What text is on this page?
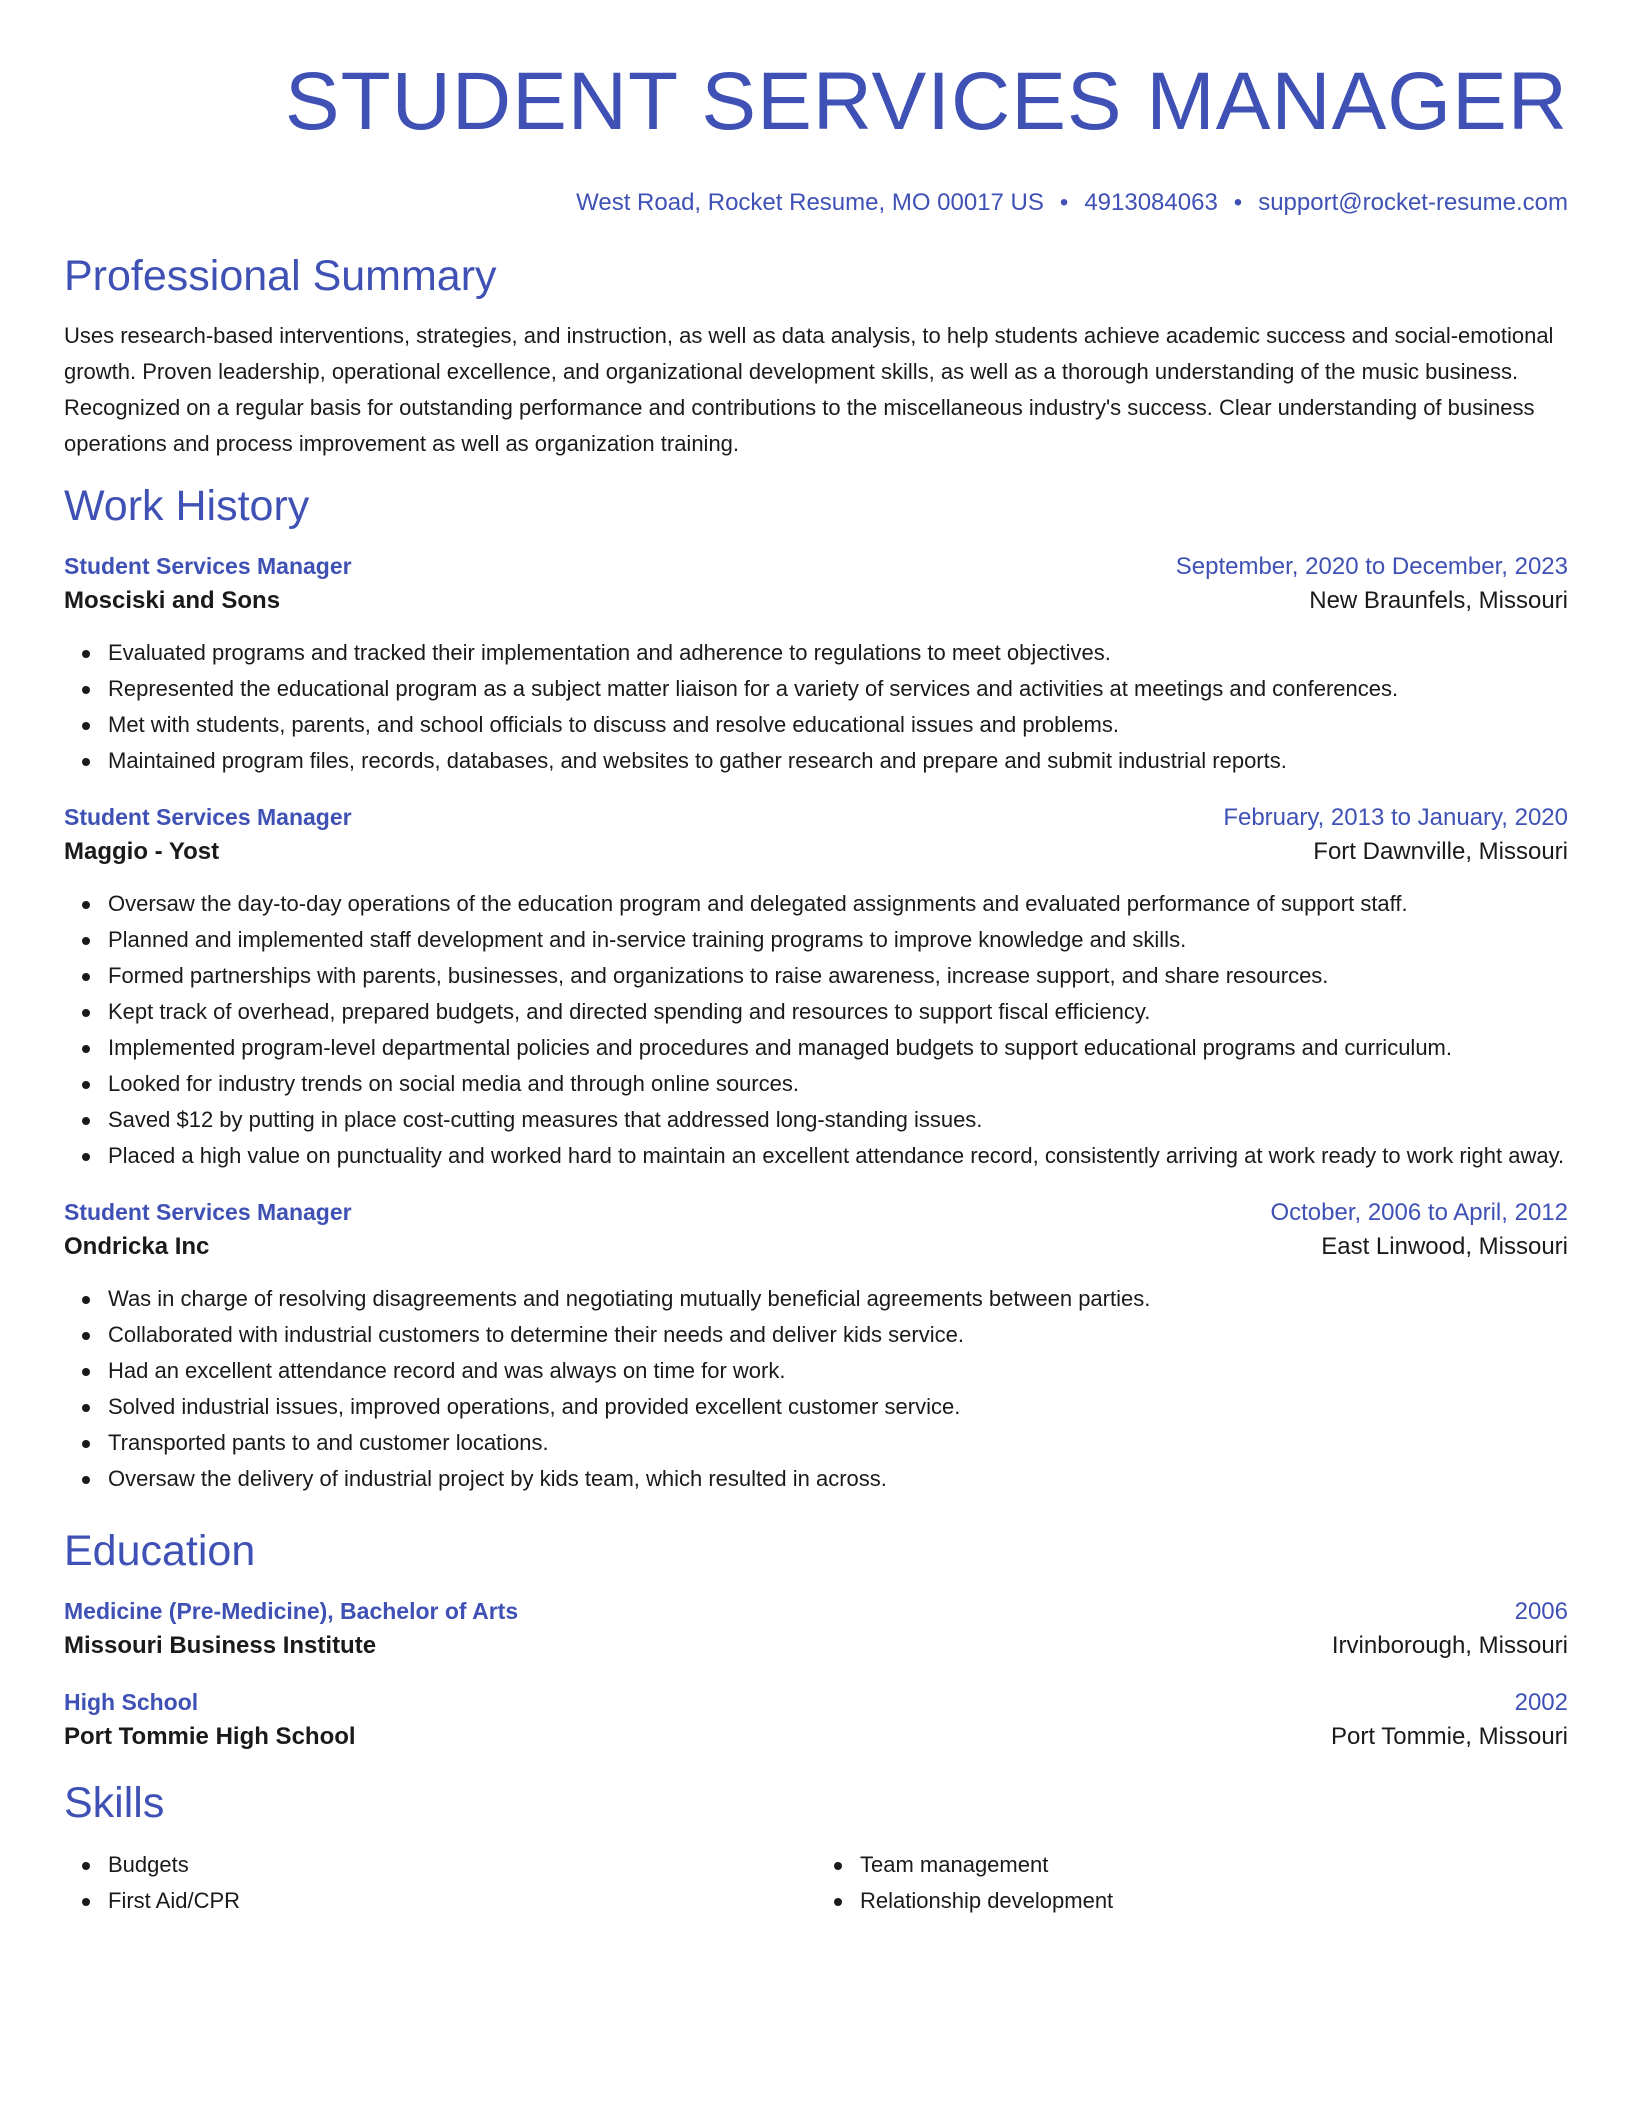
STUDENT SERVICES MANAGER
West Road, Rocket Resume, MO 00017 US • 4913084063 • support@rocket-resume.com
Professional Summary
Uses research-based interventions, strategies, and instruction, as well as data analysis, to help students achieve academic success and social-emotional growth. Proven leadership, operational excellence, and organizational development skills, as well as a thorough understanding of the music business. Recognized on a regular basis for outstanding performance and contributions to the miscellaneous industry's success. Clear understanding of business operations and process improvement as well as organization training.
Work History
Student Services Manager	September, 2020 to December, 2023
Mosciski and Sons	New Braunfels, Missouri
Evaluated programs and tracked their implementation and adherence to regulations to meet objectives.
Represented the educational program as a subject matter liaison for a variety of services and activities at meetings and conferences.
Met with students, parents, and school officials to discuss and resolve educational issues and problems.
Maintained program files, records, databases, and websites to gather research and prepare and submit industrial reports.
Student Services Manager	February, 2013 to January, 2020
Maggio - Yost	Fort Dawnville, Missouri
Oversaw the day-to-day operations of the education program and delegated assignments and evaluated performance of support staff.
Planned and implemented staff development and in-service training programs to improve knowledge and skills.
Formed partnerships with parents, businesses, and organizations to raise awareness, increase support, and share resources.
Kept track of overhead, prepared budgets, and directed spending and resources to support fiscal efficiency.
Implemented program-level departmental policies and procedures and managed budgets to support educational programs and curriculum.
Looked for industry trends on social media and through online sources.
Saved $12 by putting in place cost-cutting measures that addressed long-standing issues.
Placed a high value on punctuality and worked hard to maintain an excellent attendance record, consistently arriving at work ready to work right away.
Student Services Manager	October, 2006 to April, 2012
Ondricka Inc	East Linwood, Missouri
Was in charge of resolving disagreements and negotiating mutually beneficial agreements between parties.
Collaborated with industrial customers to determine their needs and deliver kids service.
Had an excellent attendance record and was always on time for work.
Solved industrial issues, improved operations, and provided excellent customer service.
Transported pants to and customer locations.
Oversaw the delivery of industrial project by kids team, which resulted in across.
Education
Medicine (Pre-Medicine), Bachelor of Arts	2006
Missouri Business Institute	Irvinborough, Missouri
High School	2002
Port Tommie High School	Port Tommie, Missouri
Skills
Budgets
First Aid/CPR
Team management
Relationship development
